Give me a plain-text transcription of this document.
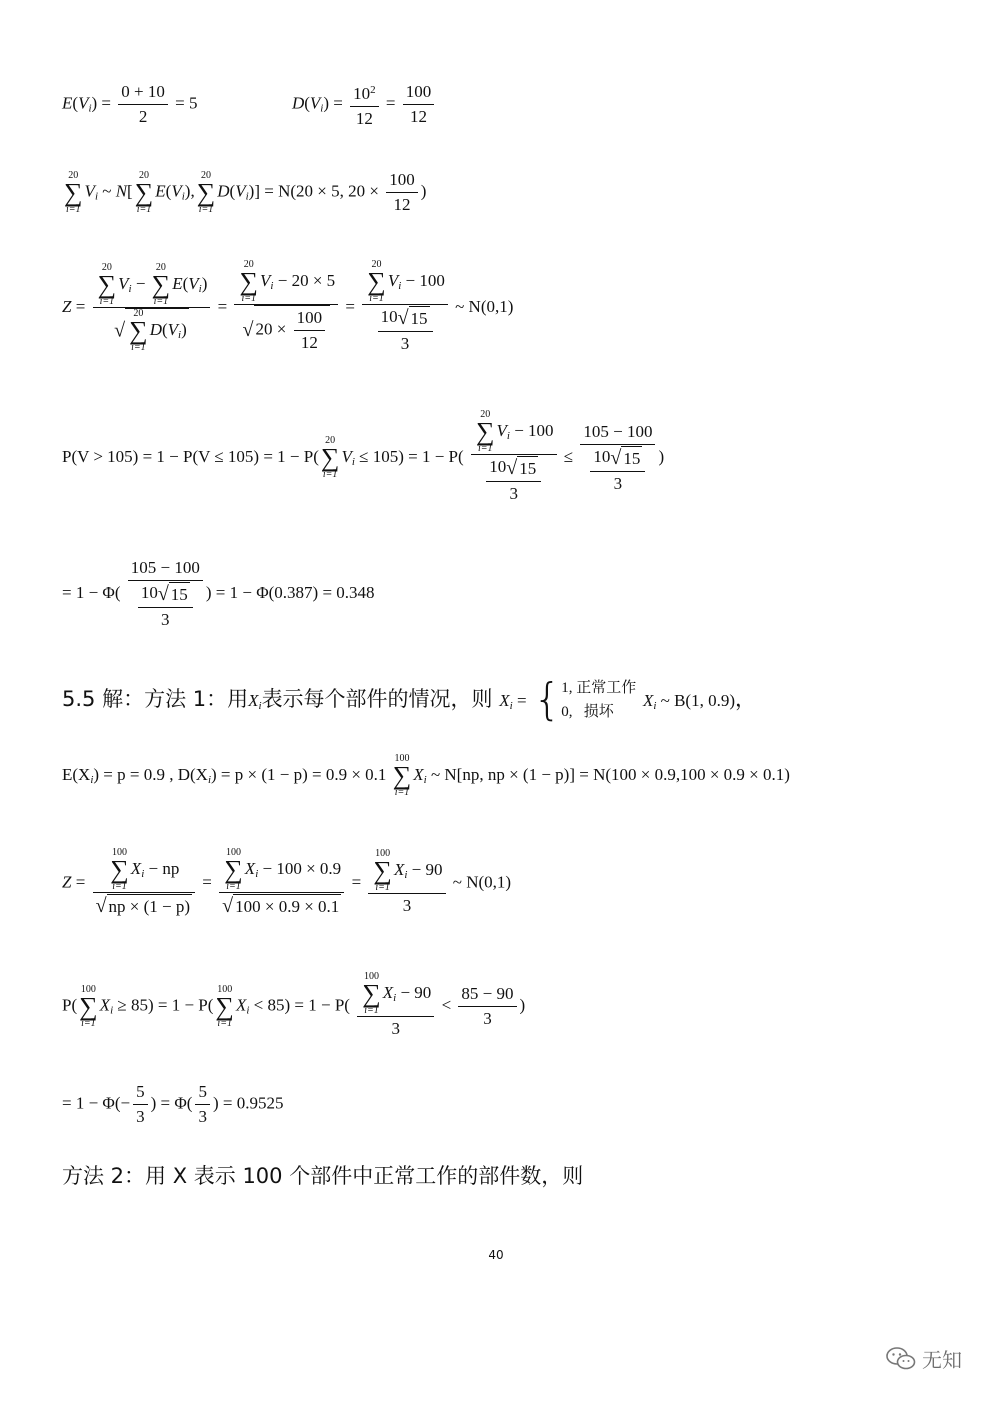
$E(V_i) = \frac{0 + 10}{2} = 5$	$D(V_i) = \frac{10^2}{12} = \frac{100}{12}$
20
∑
i=1
$V_i$ ~ N[
20
∑
i=1
$E(V_i)$,
20
∑
i=1
$D(V_i)] = N(20 \times 5$, $20 \times \frac{100}{12}$ )
Z = 20
∑
i=1
$V_i$ −
20
∑
i=1
$E(V_i)$
√
20
∑
i=1
$D(V_i) = 20$
∑
i=1
$V_i - 20 \times 5$
√ $20 \times \frac{100}{12} = 20$
∑
i=1
$V_i - 100$
$\frac{10√ 15}{3}$ ~ N(0,1)
P(V > 105) = 1 − P(V ≤ 105) = 1 − P(
20
∑
i=1
$V_i \le 105) = 1 - P$( 20
∑
i=1
$V_i - 100$
$\frac{10√ 15}{3} \le \frac{105 - 100}{\frac{10√ 15}{3}}$ )
= $1 - \Phi( \frac{105 - 100}{\frac{10√ 15}{3}}$ ) = 1 − Φ(0.387) = 0.348
5.5 解：方法 1：用$X_i$表示每个部件的情况，则 $X_i$ = { 1, 正常工作
0, 损坏
$X_i$ ~ B(1, 0.9)，
$E(X_i) = p = 0.9$ , $D(X_i) = p \times (1 - p) = 0.9 \times 0.1$
100
∑
i=1
$X_i$ ~ N[np, np × (1 − p)] = N(100 × 0.9,100 × 0.9 × 0.1)
Z = 100
∑
i=1
$X_i$ − np
√ np × (1 − p) = 100
∑
i=1
$X_i - 100 \times 0.9$
√ 100 × 0.9 × 0.1 = 100
∑
i=1
$X_i - 90$
3 ~ N(0,1)
P(
100
∑
i=1
$X_i \ge 85) = 1 - P$(
100
∑
i=1
$X_i < 85) = 1 - P$( 100
∑
i=1
$X_i - 90$
$3 < \frac{85 - 90}{3}$ )
= $1 - \Phi(- \frac{5}{3}$ ) = $\Phi( \frac{5}{3}$ ) = 0.9525
方法 2：用 X 表示 100 个部件中正常工作的部件数，则
40
无知
